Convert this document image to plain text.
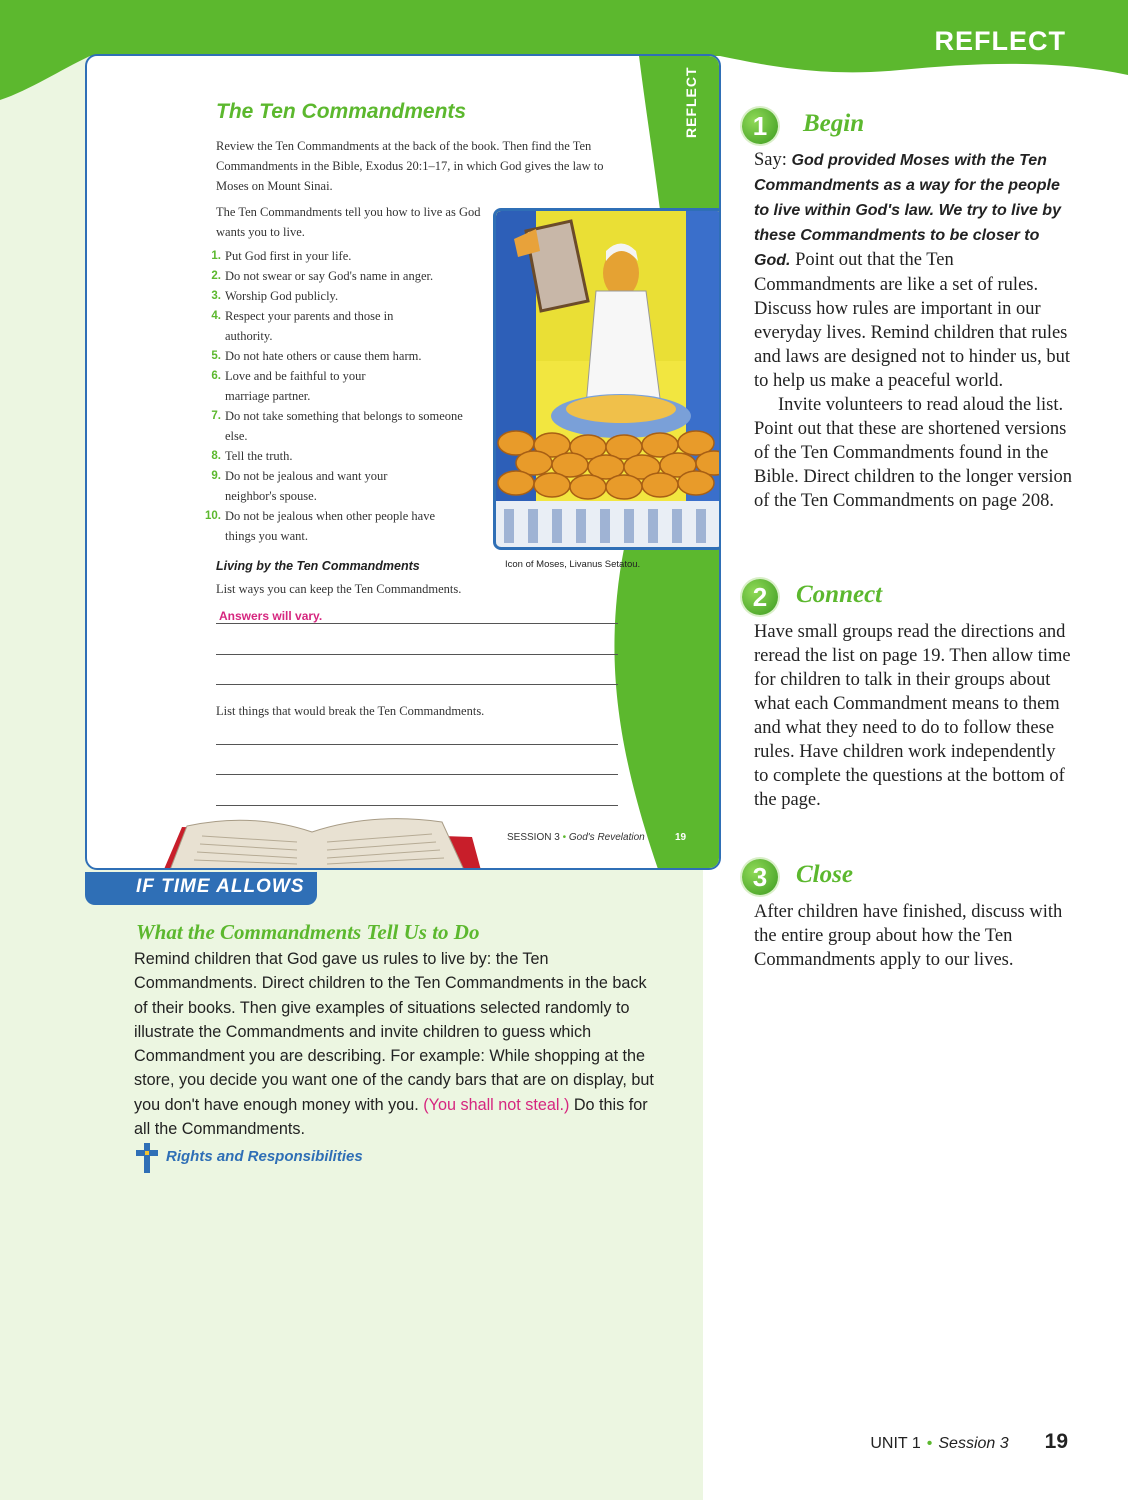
REFLECT
REFLECT
The Ten Commandments
Review the Ten Commandments at the back of the book. Then find the Ten Commandments in the Bible, Exodus 20:1–17, in which God gives the law to Moses on Mount Sinai.
The Ten Commandments tell you how to live as God wants you to live.
1. Put God first in your life.
2. Do not swear or say God's name in anger.
3. Worship God publicly.
4. Respect your parents and those in authority.
5. Do not hate others or cause them harm.
6. Love and be faithful to your marriage partner.
7. Do not take something that belongs to someone else.
8. Tell the truth.
9. Do not be jealous and want your neighbor's spouse.
10. Do not be jealous when other people have things you want.
Icon of Moses, Livanus Setatou.
Living by the Ten Commandments
List ways you can keep the Ten Commandments.
Answers will vary.
List things that would break the Ten Commandments.
SESSION 3 • God's Revelation	19
IF TIME ALLOWS
What the Commandments Tell Us to Do
Remind children that God gave us rules to live by: the Ten Commandments. Direct children to the Ten Commandments in the back of their books. Then give examples of situations selected randomly to illustrate the Commandments and invite children to guess which Commandment you are describing. For example: While shopping at the store, you decide you want one of the candy bars that are on display, but you don't have enough money with you. (You shall not steal.) Do this for all the Commandments.
Rights and Responsibilities
1	Begin

Say: God provided Moses with the Ten Commandments as a way for the people to live within God's law. We try to live by these Commandments to be closer to God. Point out that the Ten Commandments are like a set of rules. Discuss how rules are important in our everyday lives. Remind children that rules and laws are designed not to hinder us, but to help us make a peaceful world.

Invite volunteers to read aloud the list. Point out that these are shortened versions of the Ten Commandments found in the Bible. Direct children to the longer version of the Ten Commandments on page 208.

2	Connect

Have small groups read the directions and reread the list on page 19. Then allow time for children to talk in their groups about what each Commandment means to them and what they need to do to follow these rules. Have children work independently to complete the questions at the bottom of the page.

3	Close

After children have finished, discuss with the entire group about how the Ten Commandments apply to our lives.

UNIT 1 • Session 3 19
